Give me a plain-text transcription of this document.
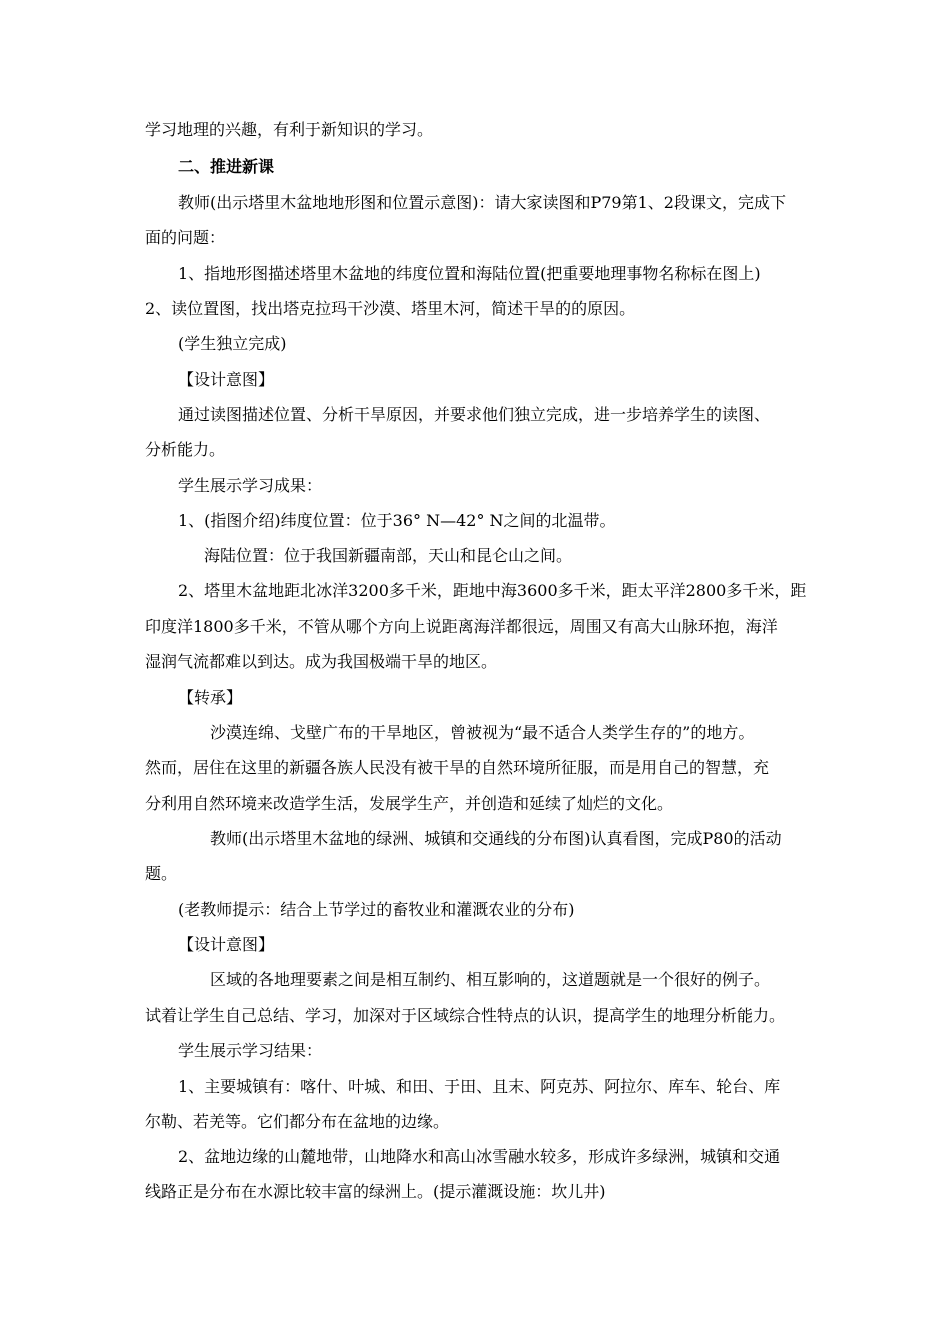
学习地理的兴趣，有利于新知识的学习。
二、推进新课
教师(出示塔里木盆地地形图和位置示意图)：请大家读图和P79第1、2段课文，完成下
面的问题：
1、指地形图描述塔里木盆地的纬度位置和海陆位置(把重要地理事物名称标在图上)
2、读位置图，找出塔克拉玛干沙漠、塔里木河，简述干旱的的原因。
(学生独立完成)
【设计意图】
通过读图描述位置、分析干旱原因，并要求他们独立完成，进一步培养学生的读图、
分析能力。
学生展示学习成果：
1、(指图介绍)纬度位置：位于36° N—42° N之间的北温带。
海陆位置：位于我国新疆南部，天山和昆仑山之间。
2、塔里木盆地距北冰洋3200多千米，距地中海3600多千米，距太平洋2800多千米，距
印度洋1800多千米，不管从哪个方向上说距离海洋都很远，周围又有高大山脉环抱，海洋
湿润气流都难以到达。成为我国极端干旱的地区。
【转承】
沙漠连绵、戈壁广布的干旱地区，曾被视为“最不适合人类学生存的”的地方。
然而，居住在这里的新疆各族人民没有被干旱的自然环境所征服，而是用自己的智慧，充
分利用自然环境来改造学生活，发展学生产，并创造和延续了灿烂的文化。
教师(出示塔里木盆地的绿洲、城镇和交通线的分布图)认真看图，完成P80的活动
题。
(老教师提示：结合上节学过的畜牧业和灌溉农业的分布)
【设计意图】
区域的各地理要素之间是相互制约、相互影响的，这道题就是一个很好的例子。
试着让学生自己总结、学习，加深对于区域综合性特点的认识，提高学生的地理分析能力。
学生展示学习结果：
1、主要城镇有：喀什、叶城、和田、于田、且末、阿克苏、阿拉尔、库车、轮台、库
尔勒、若羌等。它们都分布在盆地的边缘。
2、盆地边缘的山麓地带，山地降水和高山冰雪融水较多，形成许多绿洲，城镇和交通
线路正是分布在水源比较丰富的绿洲上。(提示灌溉设施：坎儿井)
